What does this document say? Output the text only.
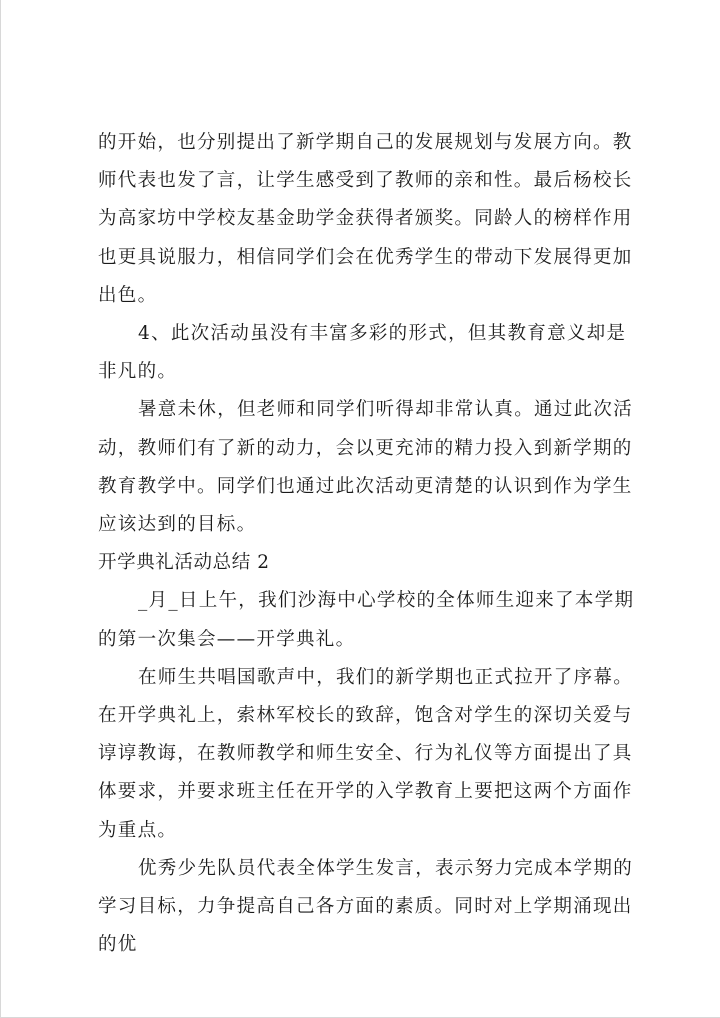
的开始，也分别提出了新学期自己的发展规划与发展方向。教师代表也发了言，让学生感受到了教师的亲和性。最后杨校长为高家坊中学校友基金助学金获得者颁奖。同龄人的榜样作用也更具说服力，相信同学们会在优秀学生的带动下发展得更加出色。

4、此次活动虽没有丰富多彩的形式，但其教育意义却是非凡的。

暑意未休，但老师和同学们听得却非常认真。通过此次活动，教师们有了新的动力，会以更充沛的精力投入到新学期的教育教学中。同学们也通过此次活动更清楚的认识到作为学生应该达到的目标。

开学典礼活动总结 2

_月_日上午，我们沙海中心学校的全体师生迎来了本学期的第一次集会——开学典礼。

在师生共唱国歌声中，我们的新学期也正式拉开了序幕。在开学典礼上，索林军校长的致辞，饱含对学生的深切关爱与谆谆教诲，在教师教学和师生安全、行为礼仪等方面提出了具体要求，并要求班主任在开学的入学教育上要把这两个方面作为重点。

优秀少先队员代表全体学生发言，表示努力完成本学期的学习目标，力争提高自己各方面的素质。同时对上学期涌现出的优
